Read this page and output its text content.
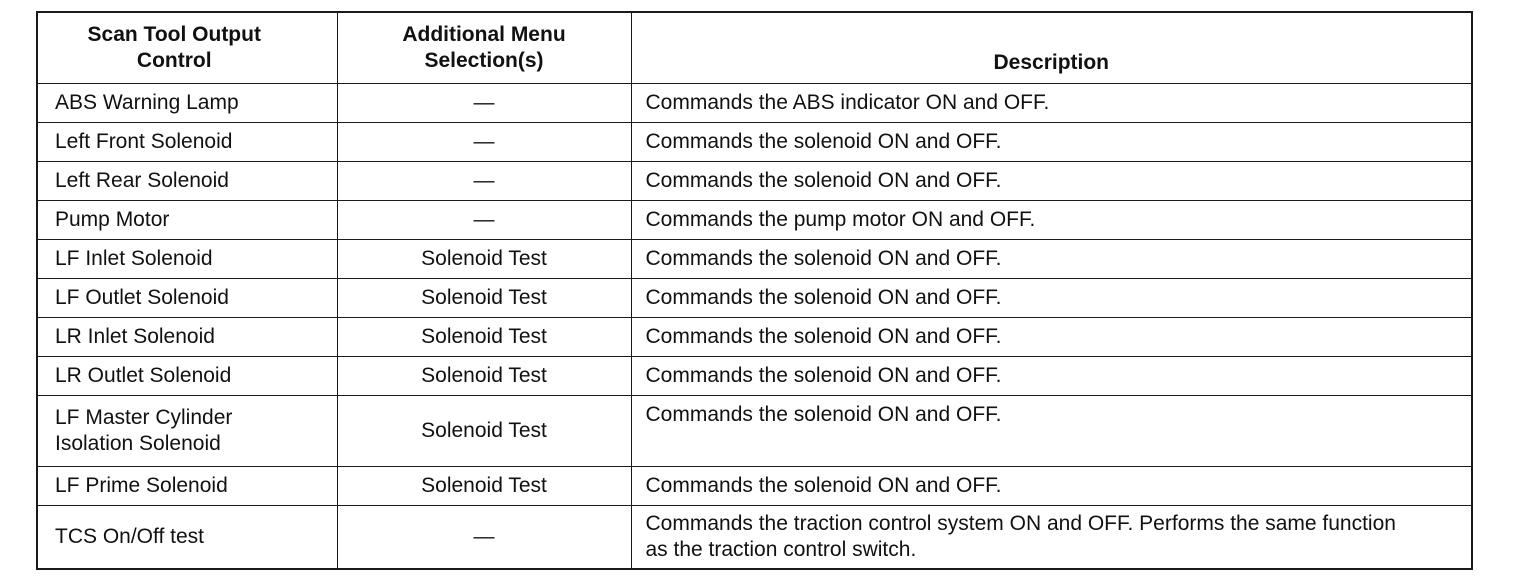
Scan Tool Output Control	Additional Menu Selection(s)	Description
ABS Warning Lamp	—	Commands the ABS indicator ON and OFF.
Left Front Solenoid	—	Commands the solenoid ON and OFF.
Left Rear Solenoid	—	Commands the solenoid ON and OFF.
Pump Motor	—	Commands the pump motor ON and OFF.
LF Inlet Solenoid	Solenoid Test	Commands the solenoid ON and OFF.
LF Outlet Solenoid	Solenoid Test	Commands the solenoid ON and OFF.
LR Inlet Solenoid	Solenoid Test	Commands the solenoid ON and OFF.
LR Outlet Solenoid	Solenoid Test	Commands the solenoid ON and OFF.
LF Master Cylinder Isolation Solenoid	Solenoid Test	Commands the solenoid ON and OFF.
LF Prime Solenoid	Solenoid Test	Commands the solenoid ON and OFF.
TCS On/Off test	—	Commands the traction control system ON and OFF. Performs the same function as the traction control switch.
